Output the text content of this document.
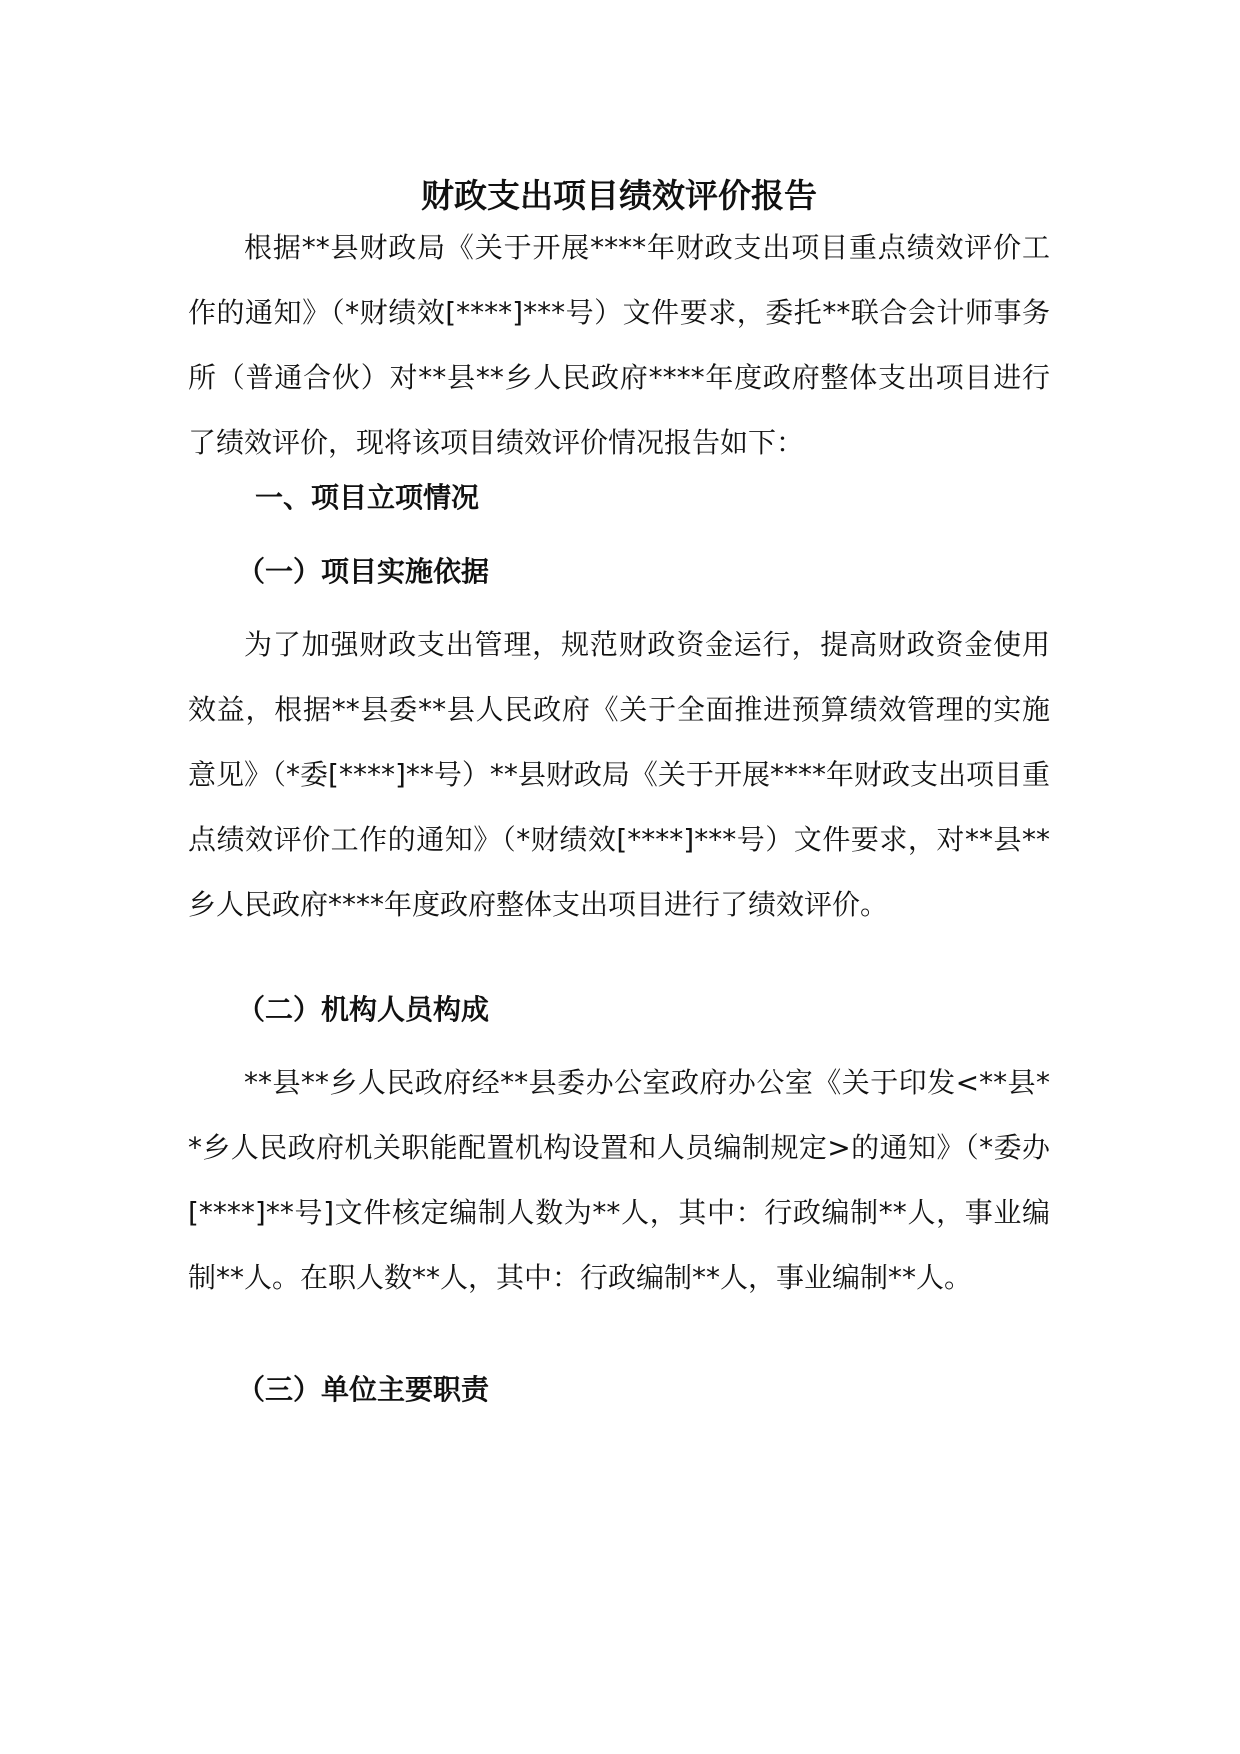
财政支出项目绩效评价报告

根据**县财政局《关于开展****年财政支出项目重点绩效评价工作的通知》（*财绩效[****]***号）文件要求，委托**联合会计师事务所（普通合伙）对**县**乡人民政府****年度政府整体支出项目进行了绩效评价，现将该项目绩效评价情况报告如下：

一、项目立项情况
（一）项目实施依据

为了加强财政支出管理，规范财政资金运行，提高财政资金使用效益，根据**县委**县人民政府《关于全面推进预算绩效管理的实施意见》（*委[****]**号）**县财政局《关于开展****年财政支出项目重点绩效评价工作的通知》（*财绩效[****]***号）文件要求，对**县**乡人民政府****年度政府整体支出项目进行了绩效评价。

（二）机构人员构成

**县**乡人民政府经**县委办公室政府办公室《关于印发<**县**乡人民政府机关职能配置机构设置和人员编制规定>的通知》（*委办[****]**号]文件核定编制人数为**人，其中：行政编制**人，事业编制**人。在职人数**人，其中：行政编制**人，事业编制**人。

（三）单位主要职责
